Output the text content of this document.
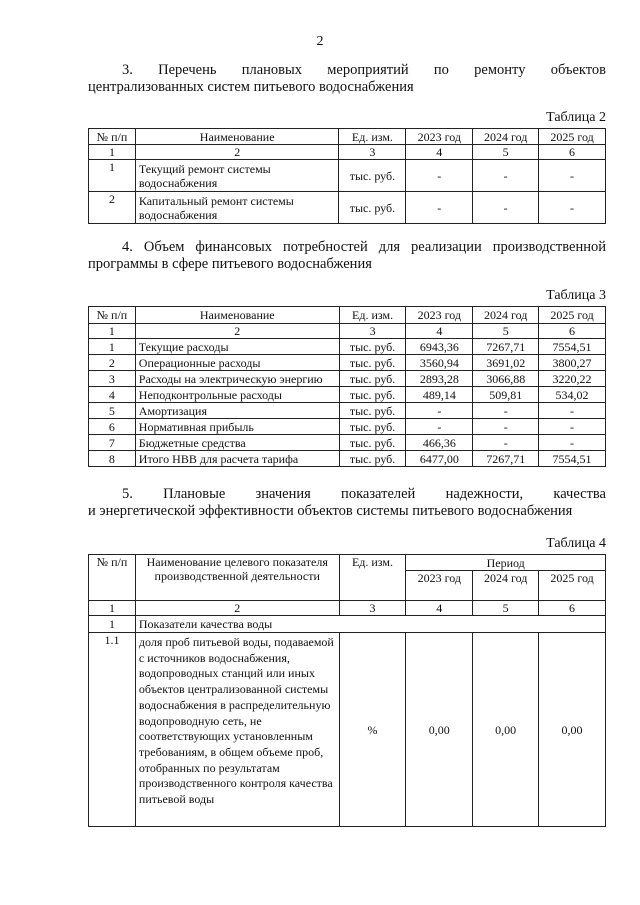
2
3. Перечень плановых мероприятий по ремонту объектов
централизованных систем питьевого водоснабжения
Таблица 2
№ п/п	Наименование	Ед. изм.	2023 год	2024 год	2025 год
1	2	3	4	5	6
1	Текущий ремонт системы водоснабжения	тыс. руб.	-	-	-
2	Капитальный ремонт системы водоснабжения	тыс. руб.	-	-	-
4. Объем финансовых потребностей для реализации производственной
программы в сфере питьевого водоснабжения
Таблица 3
№ п/п	Наименование	Ед. изм.	2023 год	2024 год	2025 год
1	2	3	4	5	6
1	Текущие расходы	тыс. руб.	6943,36	7267,71	7554,51
2	Операционные расходы	тыс. руб.	3560,94	3691,02	3800,27
3	Расходы на электрическую энергию	тыс. руб.	2893,28	3066,88	3220,22
4	Неподконтрольные расходы	тыс. руб.	489,14	509,81	534,02
5	Амортизация	тыс. руб.	-	-	-
6	Нормативная прибыль	тыс. руб.	-	-	-
7	Бюджетные средства	тыс. руб.	466,36	-	-
8	Итого НВВ для расчета тарифа	тыс. руб.	6477,00	7267,71	7554,51
5. Плановые значения показателей надежности, качества
и энергетической эффективности объектов системы питьевого водоснабжения
Таблица 4
№ п/п	Наименование целевого показателя производственной деятельности	Ед. изм.	Период		
			2023 год	2024 год	2025 год
1	2	3	4	5	6
1	Показатели качества воды				
1.1	доля проб питьевой воды, подаваемой с источников водоснабжения, водопроводных станций или иных объектов централизованной системы водоснабжения в распределительную водопроводную сеть, не соответствующих установленным требованиям, в общем объеме проб, отобранных по результатам производственного контроля качества питьевой воды	%	0,00	0,00	0,00
